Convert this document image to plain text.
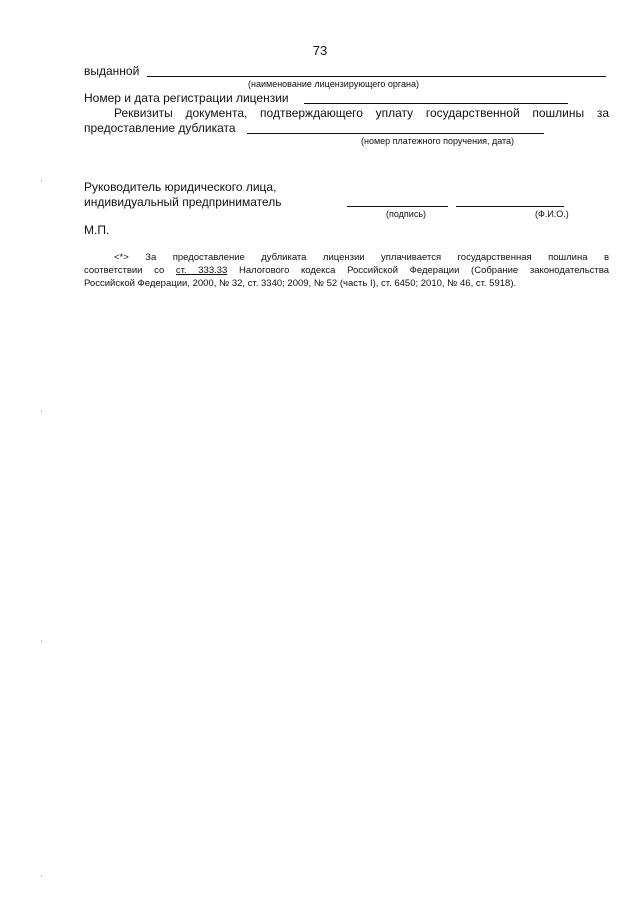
73
выданной
(наименование лицензирующего органа)
Номер и дата регистрации лицензии
Реквизиты документа, подтверждающего уплату государственной пошлины за
предоставление дубликата
(номер платежного поручения, дата)
Руководитель юридического лица,
индивидуальный предприниматель
(подпись)	(Ф.И.О.)
М.П.
<*> За предоставление дубликата лицензии уплачивается государственная пошлина в
соответствии со ст. 333.33 Налогового кодекса Российской Федерации (Собрание законодательства
Российской Федерации, 2000, № 32, ст. 3340; 2009, № 52 (часть I), ст. 6450; 2010, № 46, ст. 5918).
